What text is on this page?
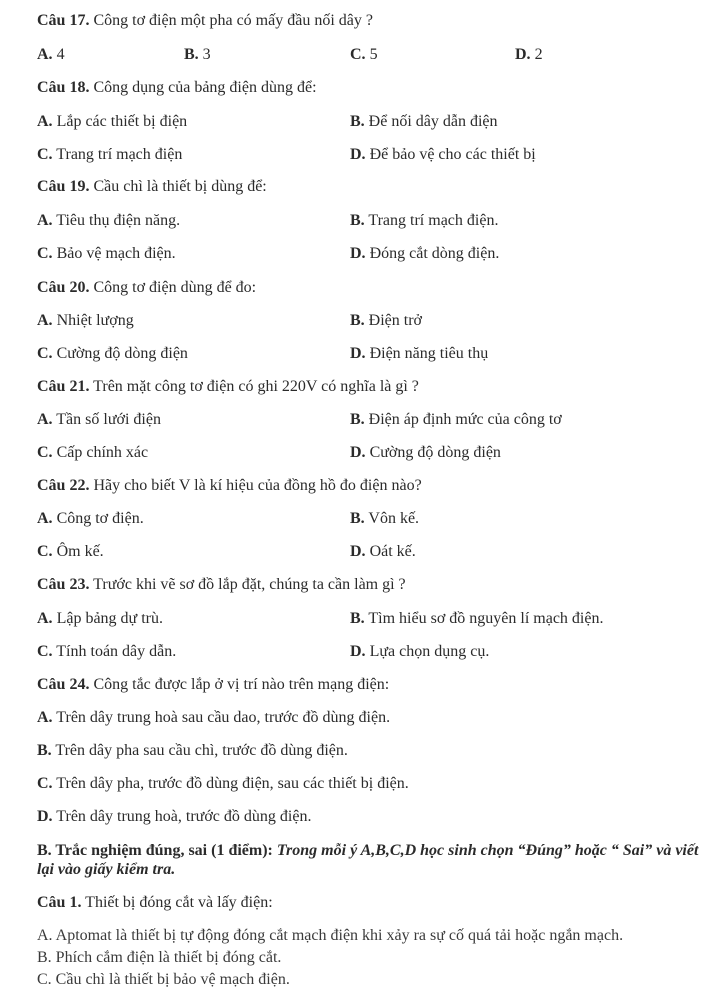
Câu 17. Công tơ điện một pha có mấy đầu nối dây ?
A. 4	B. 3	C. 5	D. 2
Câu 18. Công dụng của bảng điện dùng để:
A. Lắp các thiết bị điện	B. Để nối dây dẫn điện
C. Trang trí mạch điện	D. Để bảo vệ cho các thiết bị
Câu 19. Cầu chì là thiết bị dùng để:
A. Tiêu thụ điện năng.	B. Trang trí mạch điện.
C. Bảo vệ mạch điện.	D. Đóng cắt dòng điện.
Câu 20. Công tơ điện dùng để đo:
A. Nhiệt lượng	B. Điện trở
C. Cường độ dòng điện	D. Điện năng tiêu thụ
Câu 21. Trên mặt công tơ điện có ghi 220V có nghĩa là gì ?
A. Tần số lưới điện	B. Điện áp định mức của công tơ
C. Cấp chính xác	D. Cường độ dòng điện
Câu 22. Hãy cho biết V là kí hiệu của đồng hồ đo điện nào?
A. Công tơ điện.	B. Vôn kế.
C. Ôm kế.	D. Oát kế.
Câu 23. Trước khi vẽ sơ đồ lắp đặt, chúng ta cần làm gì ?
A. Lập bảng dự trù.	B. Tìm hiểu sơ đồ nguyên lí mạch điện.
C. Tính toán dây dẫn.	D. Lựa chọn dụng cụ.
Câu 24. Công tắc được lắp ở vị trí nào trên mạng điện:
A. Trên dây trung hoà sau cầu dao, trước đồ dùng điện.
B. Trên dây pha sau cầu chì, trước đồ dùng điện.
C. Trên dây pha, trước đồ dùng điện, sau các thiết bị điện.
D. Trên dây trung hoà, trước đồ dùng điện.
B. Trắc nghiệm đúng, sai (1 điểm): Trong mỗi ý A,B,C,D học sinh chọn “Đúng” hoặc “ Sai” và viết lại vào giấy kiểm tra.
Câu 1. Thiết bị đóng cắt và lấy điện:
A. Aptomat là thiết bị tự động đóng cắt mạch điện khi xảy ra sự cố quá tải hoặc ngắn mạch.
B. Phích cắm điện là thiết bị đóng cắt.
C. Cầu chì là thiết bị bảo vệ mạch điện.
